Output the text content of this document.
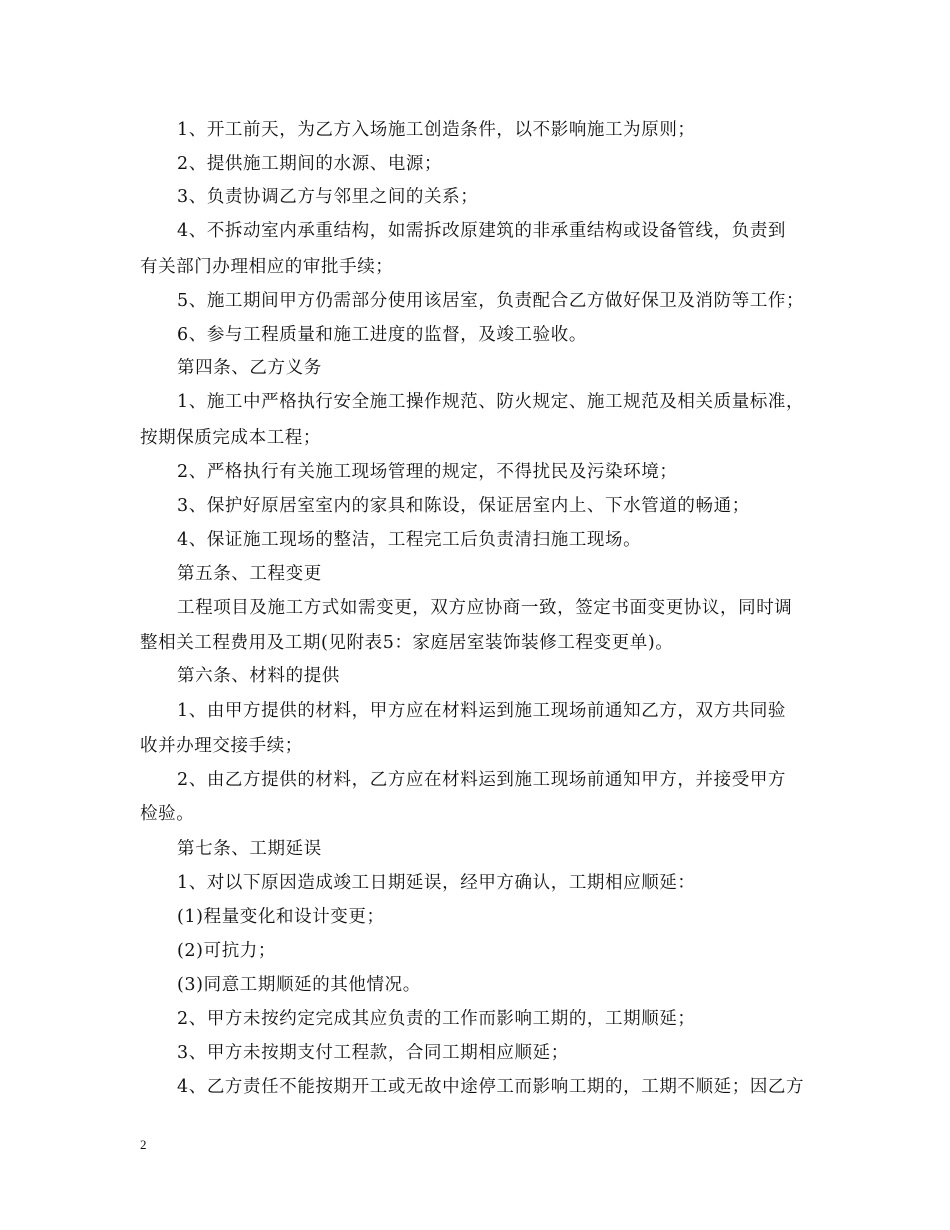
1、开工前天，为乙方入场施工创造条件，以不影响施工为原则；
2、提供施工期间的水源、电源；
3、负责协调乙方与邻里之间的关系；
4、不拆动室内承重结构，如需拆改原建筑的非承重结构或设备管线，负责到
有关部门办理相应的审批手续；
5、施工期间甲方仍需部分使用该居室，负责配合乙方做好保卫及消防等工作；
6、参与工程质量和施工进度的监督，及竣工验收。
第四条、乙方义务
1、施工中严格执行安全施工操作规范、防火规定、施工规范及相关质量标准，
按期保质完成本工程；
2、严格执行有关施工现场管理的规定，不得扰民及污染环境；
3、保护好原居室室内的家具和陈设，保证居室内上、下水管道的畅通；
4、保证施工现场的整洁，工程完工后负责清扫施工现场。
第五条、工程变更
工程项目及施工方式如需变更，双方应协商一致，签定书面变更协议，同时调
整相关工程费用及工期(见附表5：家庭居室装饰装修工程变更单)。
第六条、材料的提供
1、由甲方提供的材料，甲方应在材料运到施工现场前通知乙方，双方共同验
收并办理交接手续；
2、由乙方提供的材料，乙方应在材料运到施工现场前通知甲方，并接受甲方
检验。
第七条、工期延误
1、对以下原因造成竣工日期延误，经甲方确认，工期相应顺延：
(1)程量变化和设计变更；
(2)可抗力；
(3)同意工期顺延的其他情况。
2、甲方未按约定完成其应负责的工作而影响工期的，工期顺延；
3、甲方未按期支付工程款，合同工期相应顺延；
4、乙方责任不能按期开工或无故中途停工而影响工期的，工期不顺延；因乙方
2
